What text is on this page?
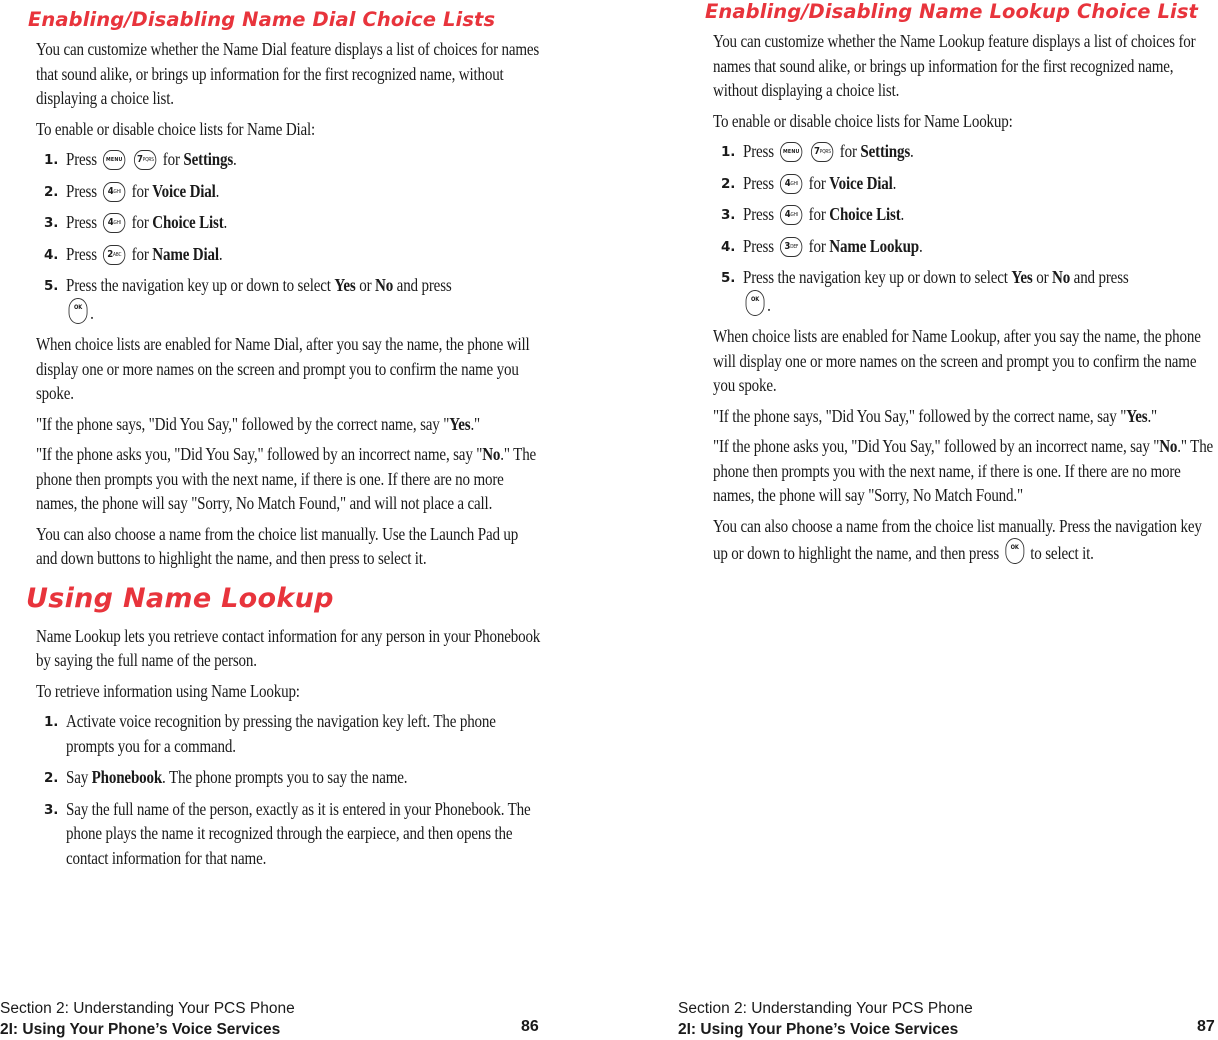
Enabling/Disabling Name Dial Choice Lists

You can customize whether the Name Dial feature displays a list of choices for names that sound alike, or brings up information for the first recognized name, without displaying a choice list.

To enable or disable choice lists for Name Dial:

1. Press	MENU
$7^{PQRS}$ for Settings.
2. Press	$4^{GHI}$ for Voice Dial.
3. Press	$4^{GHI}$ for Choice List.
4. Press	$2^{ABC}$ for Name Dial.
5. Press the navigation key up or down to select Yes or No and press

OK .

When choice lists are enabled for Name Dial, after you say the name, the phone will display one or more names on the screen and prompt you to confirm the name you spoke.

"If the phone says, "Did You Say," followed by the correct name, say "Yes."

"If the phone asks you, "Did You Say," followed by an incorrect name, say "No." The phone then prompts you with the next name, if there is one. If there are no more names, the phone will say "Sorry, No Match Found," and will not place a call.

You can also choose a name from the choice list manually. Use the Launch Pad up and down buttons to highlight the name, and then press to select it.

Using Name Lookup

Name Lookup lets you retrieve contact information for any person in your Phonebook by saying the full name of the person.

To retrieve information using Name Lookup:

1. Activate voice recognition by pressing the navigation key left. The phone prompts you for a command.
2. Say Phonebook. The phone prompts you to say the name.
3. Say the full name of the person, exactly as it is entered in your Phonebook. The phone plays the name it recognized through the earpiece, and then opens the contact information for that name.
Section 2: Understanding Your PCS Phone
2I: Using Your Phone’s Voice Services	86
Enabling/Disabling Name Lookup Choice List

You can customize whether the Name Lookup feature displays a list of choices for names that sound alike, or brings up information for the first recognized name, without displaying a choice list.

To enable or disable choice lists for Name Lookup:

1. Press	MENU
$7^{PQRS}$ for Settings.
2. Press	$4^{GHI}$ for Voice Dial.
3. Press	$4^{GHI}$ for Choice List.
4. Press	$3^{DEF}$ for Name Lookup.
5. Press the navigation key up or down to select Yes or No and press

OK .

When choice lists are enabled for Name Lookup, after you say the name, the phone will display one or more names on the screen and prompt you to confirm the name you spoke.

"If the phone says, "Did You Say," followed by the correct name, say "Yes."

"If the phone asks you, "Did You Say," followed by an incorrect name, say "No." The phone then prompts you with the next name, if there is one. If there are no more names, the phone will say "Sorry, No Match Found."

You can also choose a name from the choice list manually. Press the navigation key up or down to highlight the name, and then press	OK to select it.

Section 2: Understanding Your PCS Phone
2I: Using Your Phone’s Voice Services	87
